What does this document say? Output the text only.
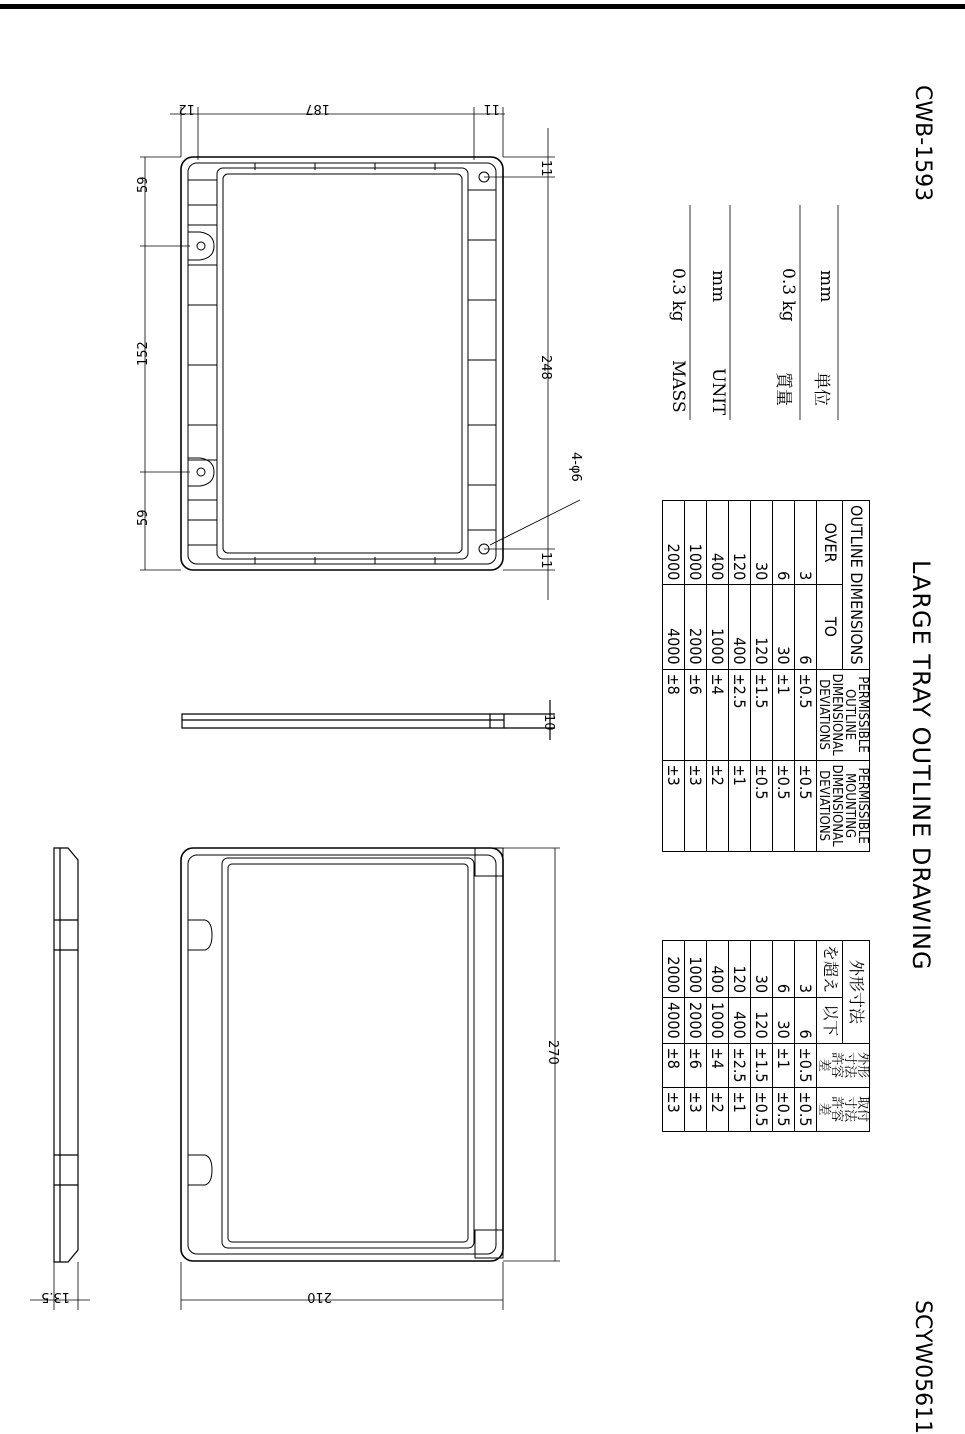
187
12	11
11
11
59
152
59
248
4-φ6
10
270
210
13.5
CWB-1593
LARGE TRAY OUTLINE DRAWING
SCYW05611
MASS
0.3 kg
UNIT
mm
質量
0.3 kg
単位
mm
OUTLINE DIMENSIONS		PERMISSIBLE OUTLINE DIMENSIONAL DEVIATIONS	PERMISSIBLE MOUNTING DIMENSIONAL DEVIATIONS
OVER	TO		
3	6	±0.5	±0.5
6	30	±1	±0.5
30	120	±1.5	±0.5
120	400	±2.5	±1
400	1000	±4	±2
1000	2000	±6	±3
2000	4000	±8	±3
外形寸法		外形寸法 許容差	取付寸法 許容差
を超え	以下		
3	6	±0.5	±0.5
6	30	±1	±0.5
30	120	±1.5	±0.5
120	400	±2.5	±1
400	1000	±4	±2
1000	2000	±6	±3
2000	4000	±8	±3
